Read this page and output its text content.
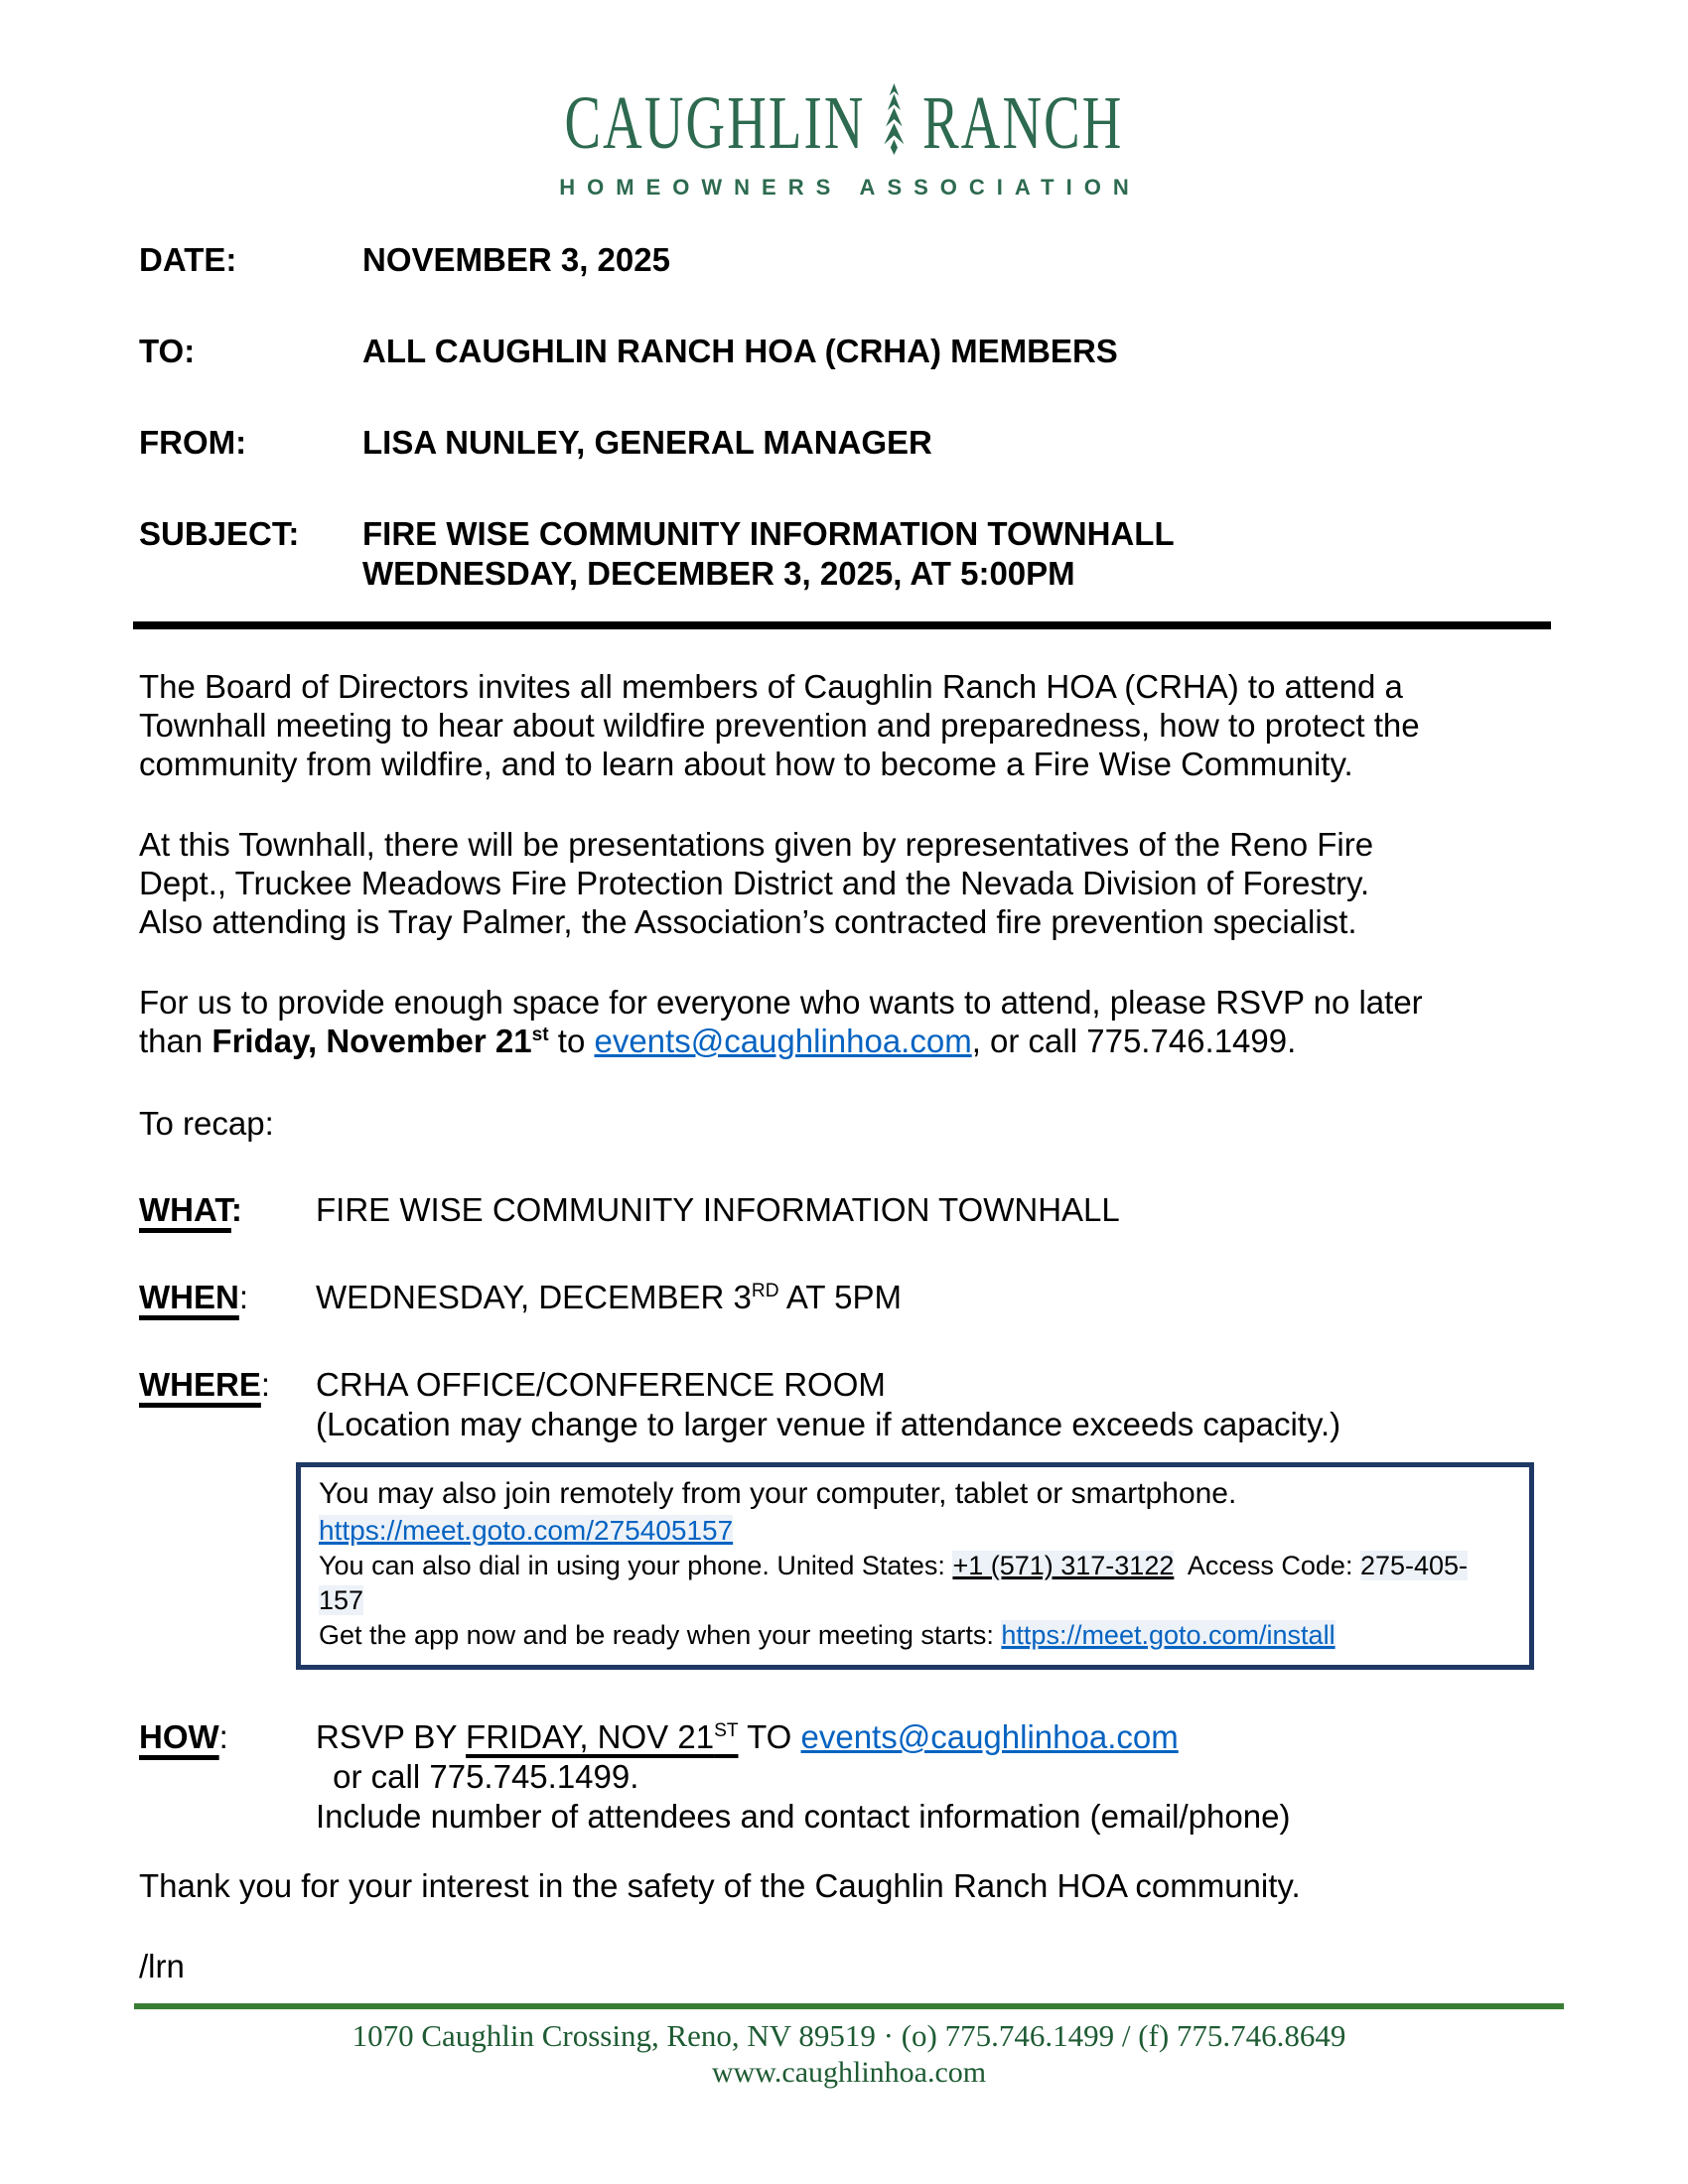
CAUGHLIN RANCH
HOMEOWNERS ASSOCIATION
DATE:	NOVEMBER 3, 2025
TO:	ALL CAUGHLIN RANCH HOA (CRHA) MEMBERS
FROM:	LISA NUNLEY, GENERAL MANAGER
SUBJECT:	FIRE WISE COMMUNITY INFORMATION TOWNHALL
WEDNESDAY, DECEMBER 3, 2025, AT 5:00PM
The Board of Directors invites all members of Caughlin Ranch HOA (CRHA) to attend a
Townhall meeting to hear about wildfire prevention and preparedness, how to protect the
community from wildfire, and to learn about how to become a Fire Wise Community.
At this Townhall, there will be presentations given by representatives of the Reno Fire
Dept., Truckee Meadows Fire Protection District and the Nevada Division of Forestry.
Also attending is Tray Palmer, the Association’s contracted fire prevention specialist.
For us to provide enough space for everyone who wants to attend, please RSVP no later
than Friday, November 21st to events@caughlinhoa.com, or call 775.746.1499.
To recap:
WHAT:	FIRE WISE COMMUNITY INFORMATION TOWNHALL
WHEN:	WEDNESDAY, DECEMBER 3RD AT 5PM
WHERE:	CRHA OFFICE/CONFERENCE ROOM
(Location may change to larger venue if attendance exceeds capacity.)
You may also join remotely from your computer, tablet or smartphone.
https://meet.goto.com/275405157
You can also dial in using your phone. United States: +1 (571) 317-3122  Access Code: 275-405-157
Get the app now and be ready when your meeting starts: https://meet.goto.com/install
HOW:	RSVP BY FRIDAY, NOV 21ST TO events@caughlinhoa.com
or call 775.745.1499.
Include number of attendees and contact information (email/phone)
Thank you for your interest in the safety of the Caughlin Ranch HOA community.
/lrn
1070 Caughlin Crossing, Reno, NV 89519 · (o) 775.746.1499 / (f) 775.746.8649
www.caughlinhoa.com
